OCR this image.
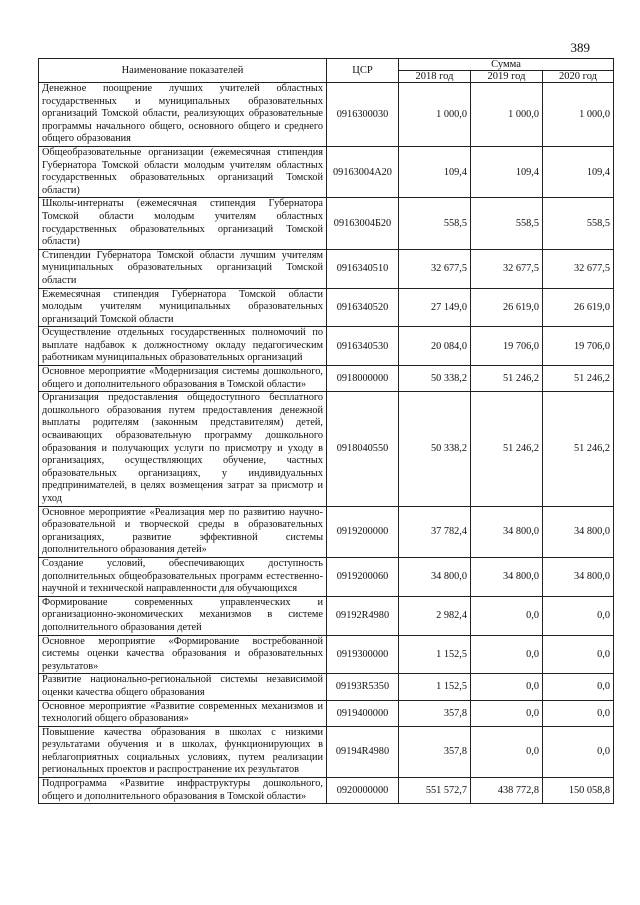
389
Наименование показателей	ЦСР	Сумма		
		2018 год	2019 год	2020 год
Денежное поощрение лучших учителей областных государственных и муниципальных образовательных организаций Томской области, реализующих образовательные программы начального общего, основного общего и среднего общего образования	0916300030	1 000,0	1 000,0	1 000,0
Общеобразовательные организации (ежемесячная стипендия Губернатора Томской области молодым учителям областных государственных образовательных организаций Томской области)	09163004А20	109,4	109,4	109,4
Школы-интернаты (ежемесячная стипендия Губернатора Томской области молодым учителям областных государственных образовательных организаций Томской области)	09163004Б20	558,5	558,5	558,5
Стипендии Губернатора Томской области лучшим учителям муниципальных образовательных организаций Томской области	0916340510	32 677,5	32 677,5	32 677,5
Ежемесячная стипендия Губернатора Томской области молодым учителям муниципальных образовательных организаций Томской области	0916340520	27 149,0	26 619,0	26 619,0
Осуществление отдельных государственных полномочий по выплате надбавок к должностному окладу педагогическим работникам муниципальных образовательных организаций	0916340530	20 084,0	19 706,0	19 706,0
Основное мероприятие «Модернизация системы дошкольного, общего и дополнительного образования в Томской области»	0918000000	50 338,2	51 246,2	51 246,2
Организация предоставления общедоступного бесплатного дошкольного образования путем предоставления денежной выплаты родителям (законным представителям) детей, осваивающих образовательную программу дошкольного образования и получающих услуги по присмотру и уходу в организациях, осуществляющих обучение, частных образовательных организациях, у индивидуальных предпринимателей, в целях возмещения затрат за присмотр и уход	0918040550	50 338,2	51 246,2	51 246,2
Основное мероприятие «Реализация мер по развитию научно-образовательной и творческой среды в образовательных организациях, развитие эффективной системы дополнительного образования детей»	0919200000	37 782,4	34 800,0	34 800,0
Создание условий, обеспечивающих доступность дополнительных общеобразовательных программ естественно-научной и технической направленности для обучающихся	0919200060	34 800,0	34 800,0	34 800,0
Формирование современных управленческих и организационно-экономических механизмов в системе дополнительного образования детей	09192R4980	2 982,4	0,0	0,0
Основное мероприятие «Формирование востребованной системы оценки качества образования и образовательных результатов»	0919300000	1 152,5	0,0	0,0
Развитие национально-региональной системы независимой оценки качества общего образования	09193R5350	1 152,5	0,0	0,0
Основное мероприятие «Развитие современных механизмов и технологий общего образования»	0919400000	357,8	0,0	0,0
Повышение качества образования в школах с низкими результатами обучения и в школах, функционирующих в неблагоприятных социальных условиях, путем реализации региональных проектов и распространение их результатов	09194R4980	357,8	0,0	0,0
Подпрограмма «Развитие инфраструктуры дошкольного, общего и дополнительного образования в Томской области»	0920000000	551 572,7	438 772,8	150 058,8
